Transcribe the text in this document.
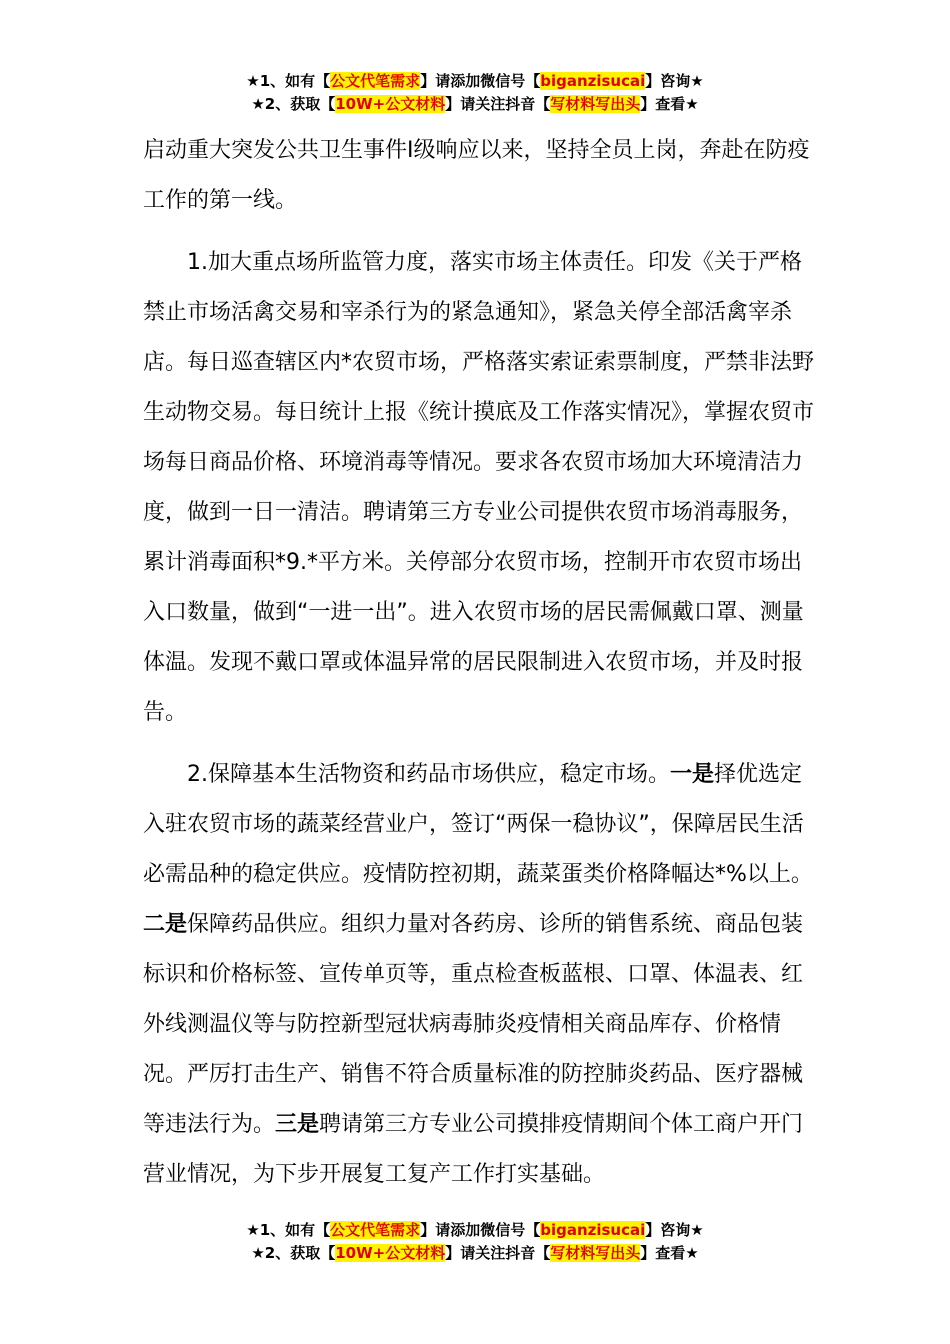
★1、如有【公文代笔需求】请添加微信号【biganzisucai】咨询★
★2、获取【10W+公文材料】请关注抖音【写材料写出头】查看★

启动重大突发公共卫生事件Ⅰ级响应以来，坚持全员上岗，奔赴在防疫工作的第一线。

1.加大重点场所监管力度，落实市场主体责任。印发《关于严格禁止市场活禽交易和宰杀行为的紧急通知》，紧急关停全部活禽宰杀店。每日巡查辖区内*农贸市场，严格落实索证索票制度，严禁非法野生动物交易。每日统计上报《统计摸底及工作落实情况》，掌握农贸市场每日商品价格、环境消毒等情况。要求各农贸市场加大环境清洁力度，做到一日一清洁。聘请第三方专业公司提供农贸市场消毒服务，累计消毒面积*9.*平方米。关停部分农贸市场，控制开市农贸市场出入口数量，做到“一进一出”。进入农贸市场的居民需佩戴口罩、测量体温。发现不戴口罩或体温异常的居民限制进入农贸市场，并及时报告。

2.保障基本生活物资和药品市场供应，稳定市场。一是择优选定入驻农贸市场的蔬菜经营业户，签订“两保一稳协议”，保障居民生活必需品种的稳定供应。疫情防控初期，蔬菜蛋类价格降幅达*%以上。二是保障药品供应。组织力量对各药房、诊所的销售系统、商品包装标识和价格标签、宣传单页等，重点检查板蓝根、口罩、体温表、红外线测温仪等与防控新型冠状病毒肺炎疫情相关商品库存、价格情况。严厉打击生产、销售不符合质量标准的防控肺炎药品、医疗器械等违法行为。三是聘请第三方专业公司摸排疫情期间个体工商户开门营业情况，为下步开展复工复产工作打实基础。

★1、如有【公文代笔需求】请添加微信号【biganzisucai】咨询★
★2、获取【10W+公文材料】请关注抖音【写材料写出头】查看★
